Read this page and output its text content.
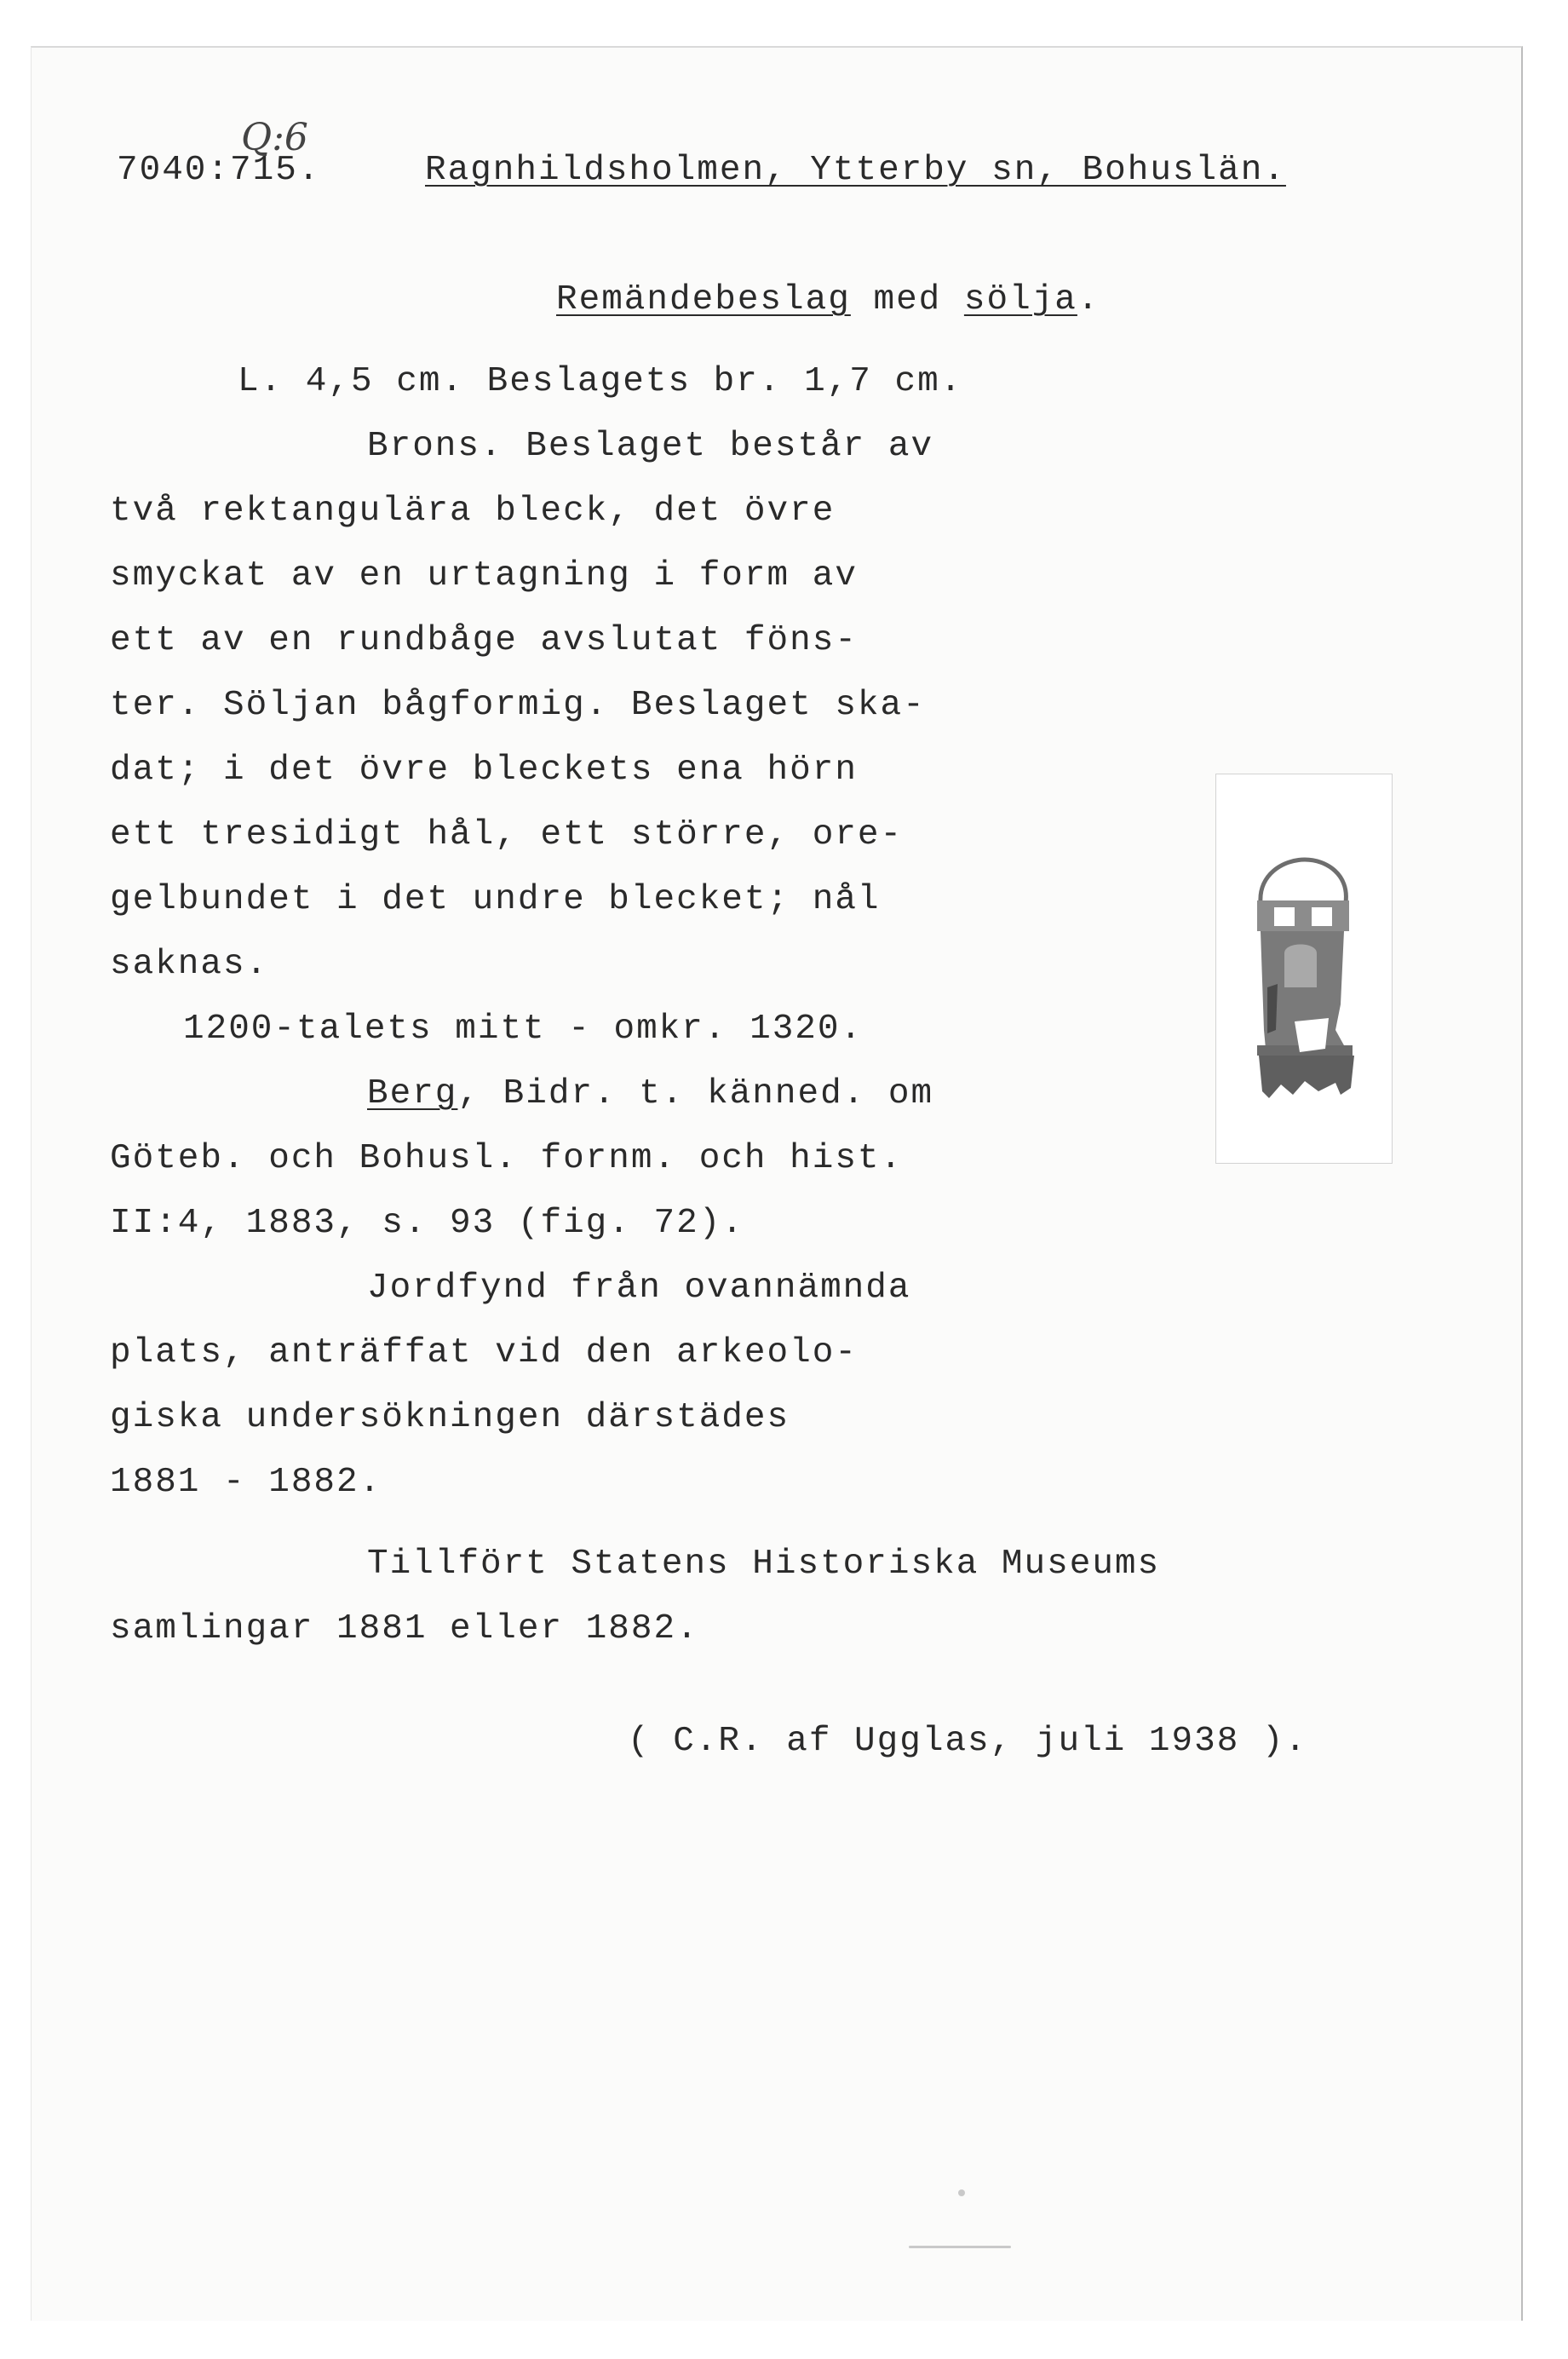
Q:6
7040:715.	Ragnhildsholmen, Ytterby sn, Bohuslän.
Remändebeslag med sölja.
L. 4,5 cm. Beslagets br. 1,7 cm.
Brons. Beslaget består av
två rektangulära bleck, det övre
smyckat av en urtagning i form av
ett av en rundbåge avslutat föns-
ter. Söljan bågformig. Beslaget ska-
dat; i det övre bleckets ena hörn
ett tresidigt hål, ett större, ore-
gelbundet i det undre blecket; nål
saknas.
1200-talets mitt - omkr. 1320.
Berg, Bidr. t. känned. om
Göteb. och Bohusl. fornm. och hist.
II:4, 1883, s. 93 (fig. 72).
Jordfynd från ovannämnda
plats, anträffat vid den arkeolo-
giska undersökningen därstädes
1881 - 1882.
Tillfört Statens Historiska Museums
samlingar 1881 eller 1882.
( C.R. af Ugglas, juli 1938 ).
